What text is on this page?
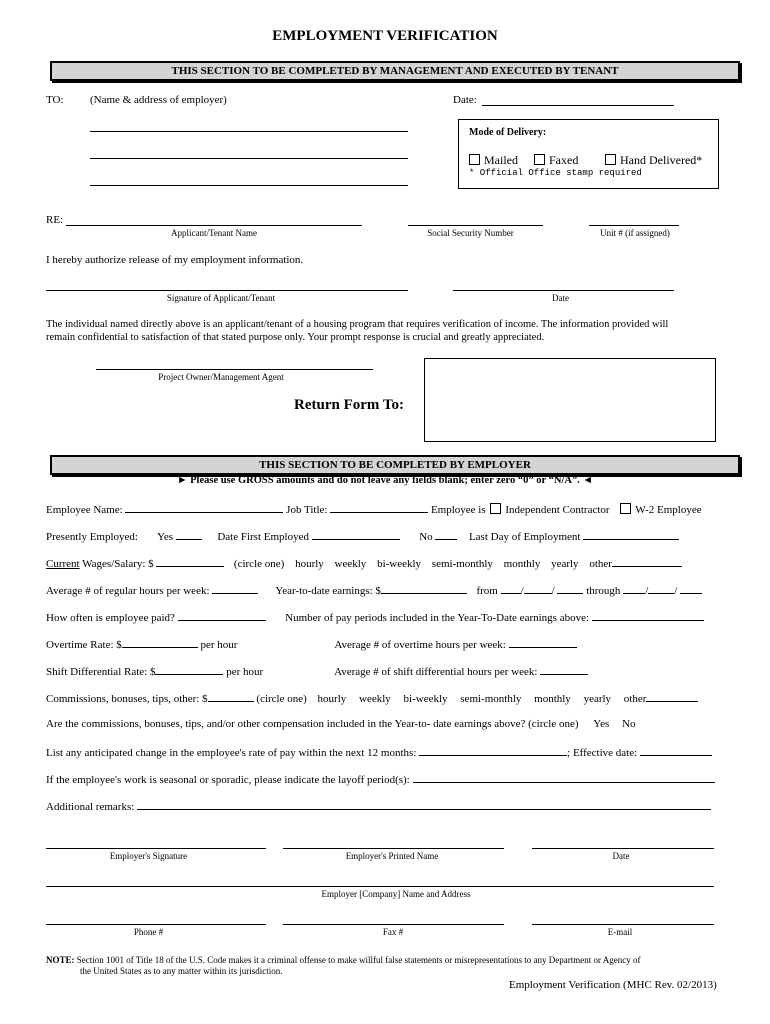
EMPLOYMENT VERIFICATION
THIS SECTION TO BE COMPLETED BY MANAGEMENT AND EXECUTED BY TENANT
TO: (Name & address of employer)	Date:
Mode of Delivery:
Mailed	Faxed	Hand Delivered*
* Official Office stamp required
RE:
Applicant/Tenant Name	Social Security Number	Unit # (if assigned)
I hereby authorize release of my employment information.
Signature of Applicant/Tenant	Date
The individual named directly above is an applicant/tenant of a housing program that requires verification of income. The information provided will
remain confidential to satisfaction of that stated purpose only. Your prompt response is crucial and greatly appreciated.
Project Owner/Management Agent
Return Form To:
THIS SECTION TO BE COMPLETED BY EMPLOYER
► Please use GROSS amounts and do not leave any fields blank; enter zero “0” or “N/A”. ◄
Employee Name:	Job Title:	Employee is Independent Contractor W-2 Employee
Presently Employed: Yes	Date First Employed	No	Last Day of Employment
Current Wages/Salary: $	(circle one) hourly weekly bi-weekly semi-monthly monthly yearly other
Average # of regular hours per week:	Year-to-date earnings: $	from /	/	through / /
How often is employee paid?	Number of pay periods included in the Year-To-Date earnings above:
Overtime Rate: $	per hour	Average # of overtime hours per week:
Shift Differential Rate: $	per hour	Average # of shift differential hours per week:
Commissions, bonuses, tips, other: $	(circle one) hourly weekly bi-weekly semi-monthly monthly yearly other
Are the commissions, bonuses, tips, and/or other compensation included in the Year-to- date earnings above? (circle one) Yes No
List any anticipated change in the employee's rate of pay within the next 12 months:	; Effective date:
If the employee's work is seasonal or sporadic, please indicate the layoff period(s):
Additional remarks:
Employer's Signature	Employer's Printed Name	Date
Employer [Company] Name and Address
Phone #	Fax #	E-mail
NOTE: Section 1001 of Title 18 of the U.S. Code makes it a criminal offense to make willful false statements or misrepresentations to any Department or Agency of
the United States as to any matter within its jurisdiction.
Employment Verification (MHC Rev. 02/2013)
